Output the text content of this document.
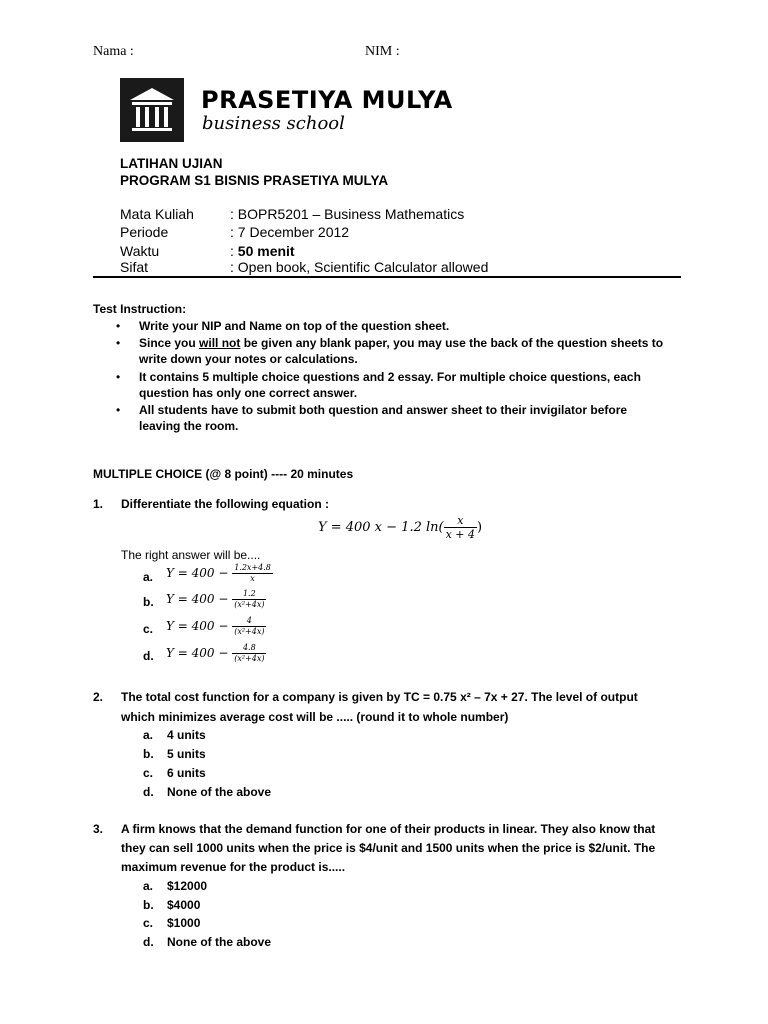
Nama :	NIM :
PRASETIYA MULYA
business school
LATIHAN UJIAN
PROGRAM S1 BISNIS PRASETIYA MULYA
Mata Kuliah	: BOPR5201 – Business Mathematics
Periode	: 7 December 2012
Waktu	: 50 menit
Sifat	: Open book, Scientific Calculator allowed
Test Instruction:
• Write your NIP and Name on top of the question sheet.
• Since you will not be given any blank paper, you may use the back of the question sheets to
write down your notes or calculations.
• It contains 5 multiple choice questions and 2 essay. For multiple choice questions, each
question has only one correct answer.
• All students have to submit both question and answer sheet to their invigilator before
leaving the room.
MULTIPLE CHOICE (@ 8 point) ---- 20 minutes
1. Differentiate the following equation :
Y = 400 x − 1.2 $\ln( \frac{x}{x + 4}$ )
The right answer will be....
a. $Y = 400 - \frac{1.2x+4.8}{x}$
b. $Y = 400 - \frac{1.2}{\text{(x²+4x)}}$
c. $Y = 400 - \frac{4}{\text{(x²+4x)}}$
d. $Y = 400 - \frac{4.8}{\text{(x²+4x)}}$
2. The total cost function for a company is given by TC = 0.75 x² – 7x + 27. The level of output
which minimizes average cost will be ..... (round it to whole number)
a. 4 units
b. 5 units
c. 6 units
d. None of the above
3. A firm knows that the demand function for one of their products in linear. They also know that
they can sell 1000 units when the price is $4/unit and 1500 units when the price is $2/unit. The
maximum revenue for the product is.....
a. $12000
b. $4000
c. $1000
d. None of the above
